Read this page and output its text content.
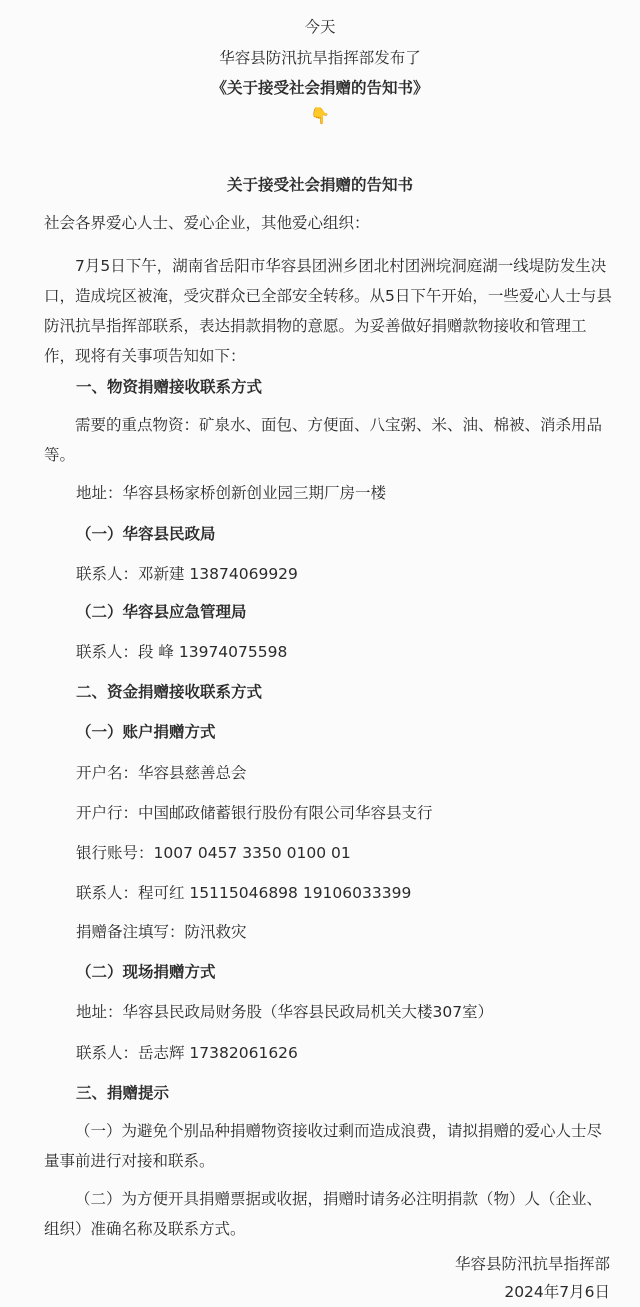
今天
华容县防汛抗旱指挥部发布了
《关于接受社会捐赠的告知书》
👇
关于接受社会捐赠的告知书
社会各界爱心人士、爱心企业，其他爱心组织：
7月5日下午，湖南省岳阳市华容县团洲乡团北村团洲垸洞庭湖一线堤防发生决口，造成垸区被淹，受灾群众已全部安全转移。从5日下午开始，一些爱心人士与县防汛抗旱指挥部联系，表达捐款捐物的意愿。为妥善做好捐赠款物接收和管理工作，现将有关事项告知如下：
一、物资捐赠接收联系方式
需要的重点物资：矿泉水、面包、方便面、八宝粥、米、油、棉被、消杀用品等。
地址：华容县杨家桥创新创业园三期厂房一楼
（一）华容县民政局
联系人：邓新建 13874069929
（二）华容县应急管理局
联系人：段 峰 13974075598
二、资金捐赠接收联系方式
（一）账户捐赠方式
开户名：华容县慈善总会
开户行：中国邮政储蓄银行股份有限公司华容县支行
银行账号：1007 0457 3350 0100 01
联系人：程可红 15115046898 19106033399
捐赠备注填写：防汛救灾
（二）现场捐赠方式
地址：华容县民政局财务股（华容县民政局机关大楼307室）
联系人：岳志辉 17382061626
三、捐赠提示
（一）为避免个别品种捐赠物资接收过剩而造成浪费，请拟捐赠的爱心人士尽量事前进行对接和联系。
（二）为方便开具捐赠票据或收据，捐赠时请务必注明捐款（物）人（企业、组织）准确名称及联系方式。
华容县防汛抗旱指挥部
2024年7月6日
